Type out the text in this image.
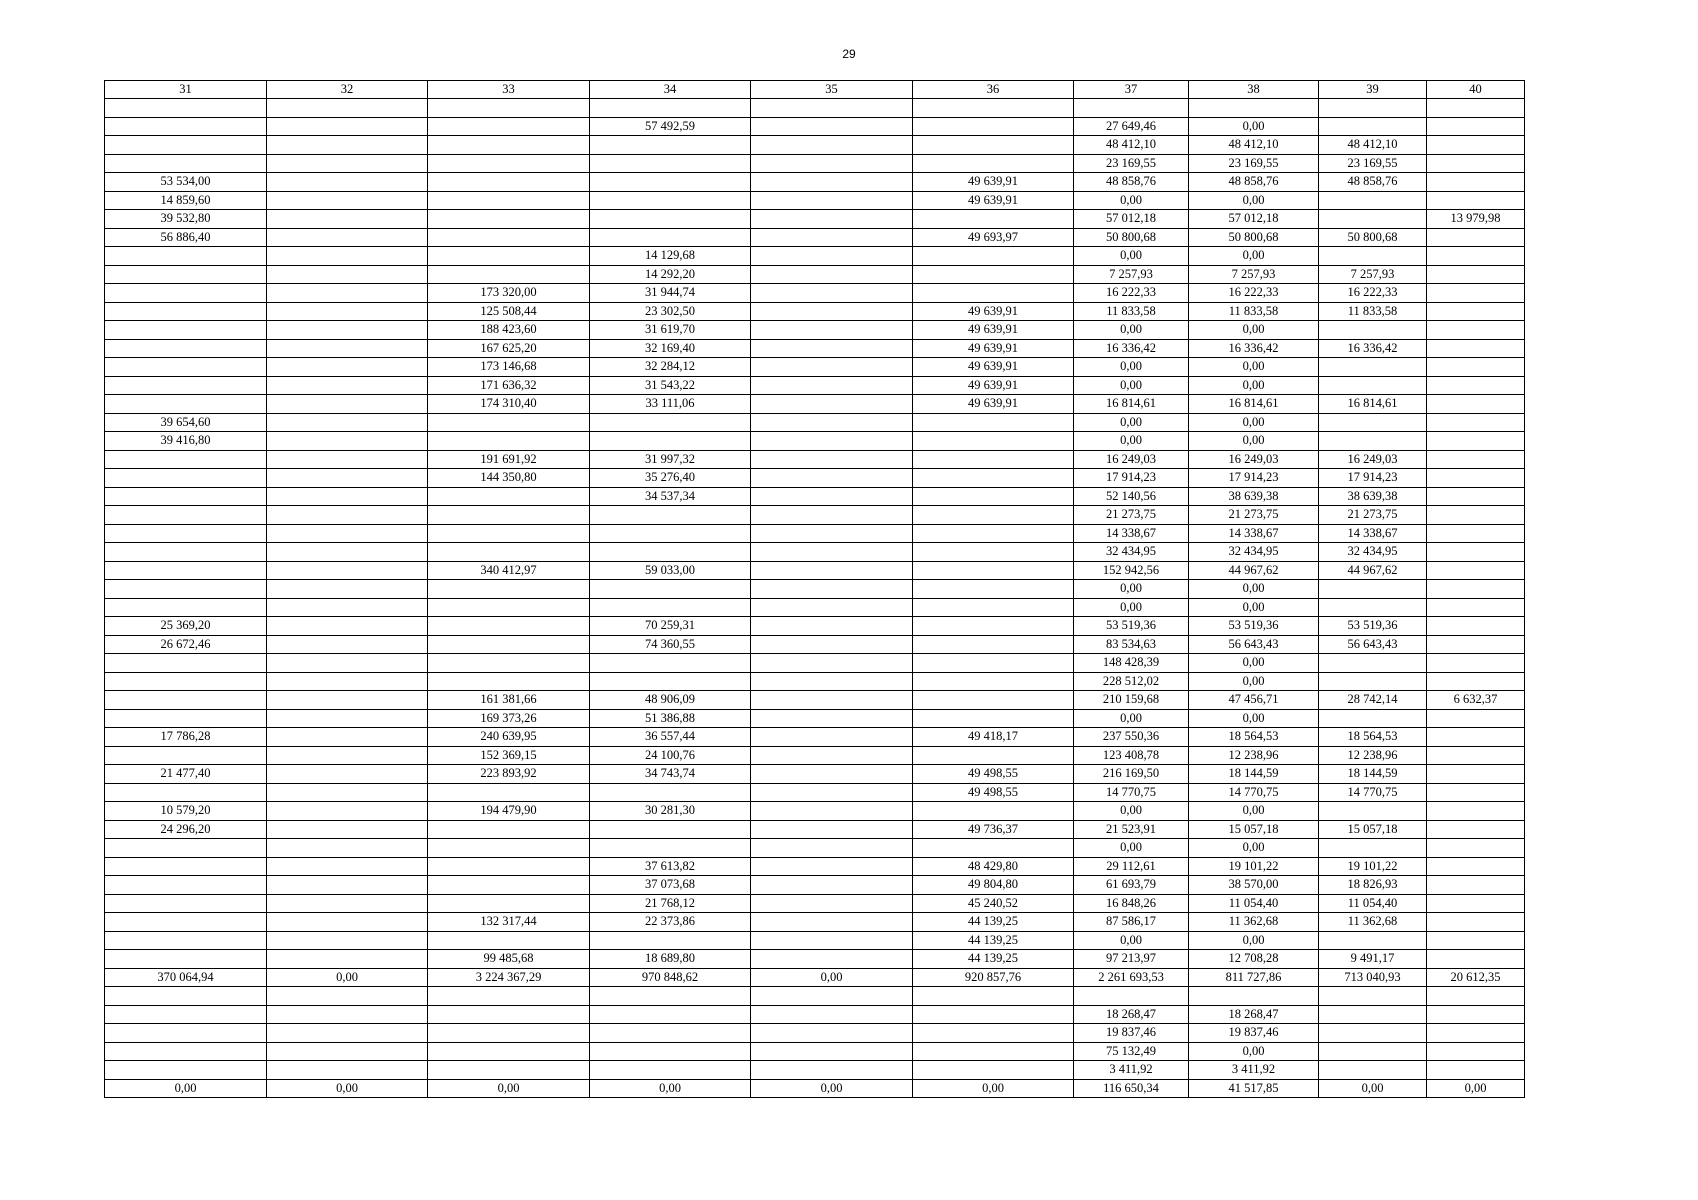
29
31	32	33	34	35	36	37	38	39	40

			57 492,59			27 649,46	0,00		
						48 412,10	48 412,10	48 412,10	
						23 169,55	23 169,55	23 169,55	
53 534,00					49 639,91	48 858,76	48 858,76	48 858,76	
14 859,60					49 639,91	0,00	0,00		
39 532,80						57 012,18	57 012,18		13 979,98
56 886,40					49 693,97	50 800,68	50 800,68	50 800,68	
			14 129,68			0,00	0,00		
			14 292,20			7 257,93	7 257,93	7 257,93	
		173 320,00	31 944,74			16 222,33	16 222,33	16 222,33	
		125 508,44	23 302,50		49 639,91	11 833,58	11 833,58	11 833,58	
		188 423,60	31 619,70		49 639,91	0,00	0,00		
		167 625,20	32 169,40		49 639,91	16 336,42	16 336,42	16 336,42	
		173 146,68	32 284,12		49 639,91	0,00	0,00		
		171 636,32	31 543,22		49 639,91	0,00	0,00		
		174 310,40	33 111,06		49 639,91	16 814,61	16 814,61	16 814,61	
39 654,60						0,00	0,00		
39 416,80						0,00	0,00		
		191 691,92	31 997,32			16 249,03	16 249,03	16 249,03	
		144 350,80	35 276,40			17 914,23	17 914,23	17 914,23	
			34 537,34			52 140,56	38 639,38	38 639,38	
						21 273,75	21 273,75	21 273,75	
						14 338,67	14 338,67	14 338,67	
						32 434,95	32 434,95	32 434,95	
		340 412,97	59 033,00			152 942,56	44 967,62	44 967,62	
						0,00	0,00		
						0,00	0,00		
25 369,20			70 259,31			53 519,36	53 519,36	53 519,36	
26 672,46			74 360,55			83 534,63	56 643,43	56 643,43	
						148 428,39	0,00		
						228 512,02	0,00		
		161 381,66	48 906,09			210 159,68	47 456,71	28 742,14	6 632,37
		169 373,26	51 386,88			0,00	0,00		
17 786,28		240 639,95	36 557,44		49 418,17	237 550,36	18 564,53	18 564,53	
		152 369,15	24 100,76			123 408,78	12 238,96	12 238,96	
21 477,40		223 893,92	34 743,74		49 498,55	216 169,50	18 144,59	18 144,59	
					49 498,55	14 770,75	14 770,75	14 770,75	
10 579,20		194 479,90	30 281,30			0,00	0,00		
24 296,20					49 736,37	21 523,91	15 057,18	15 057,18	
						0,00	0,00		
			37 613,82		48 429,80	29 112,61	19 101,22	19 101,22	
			37 073,68		49 804,80	61 693,79	38 570,00	18 826,93	
			21 768,12		45 240,52	16 848,26	11 054,40	11 054,40	
		132 317,44	22 373,86		44 139,25	87 586,17	11 362,68	11 362,68	
					44 139,25	0,00	0,00		
		99 485,68	18 689,80		44 139,25	97 213,97	12 708,28	9 491,17	
370 064,94	0,00	3 224 367,29	970 848,62	0,00	920 857,76	2 261 693,53	811 727,86	713 040,93	20 612,35

						18 268,47	18 268,47		
						19 837,46	19 837,46		
						75 132,49	0,00		
						3 411,92	3 411,92		
0,00	0,00	0,00	0,00	0,00	0,00	116 650,34	41 517,85	0,00	0,00
